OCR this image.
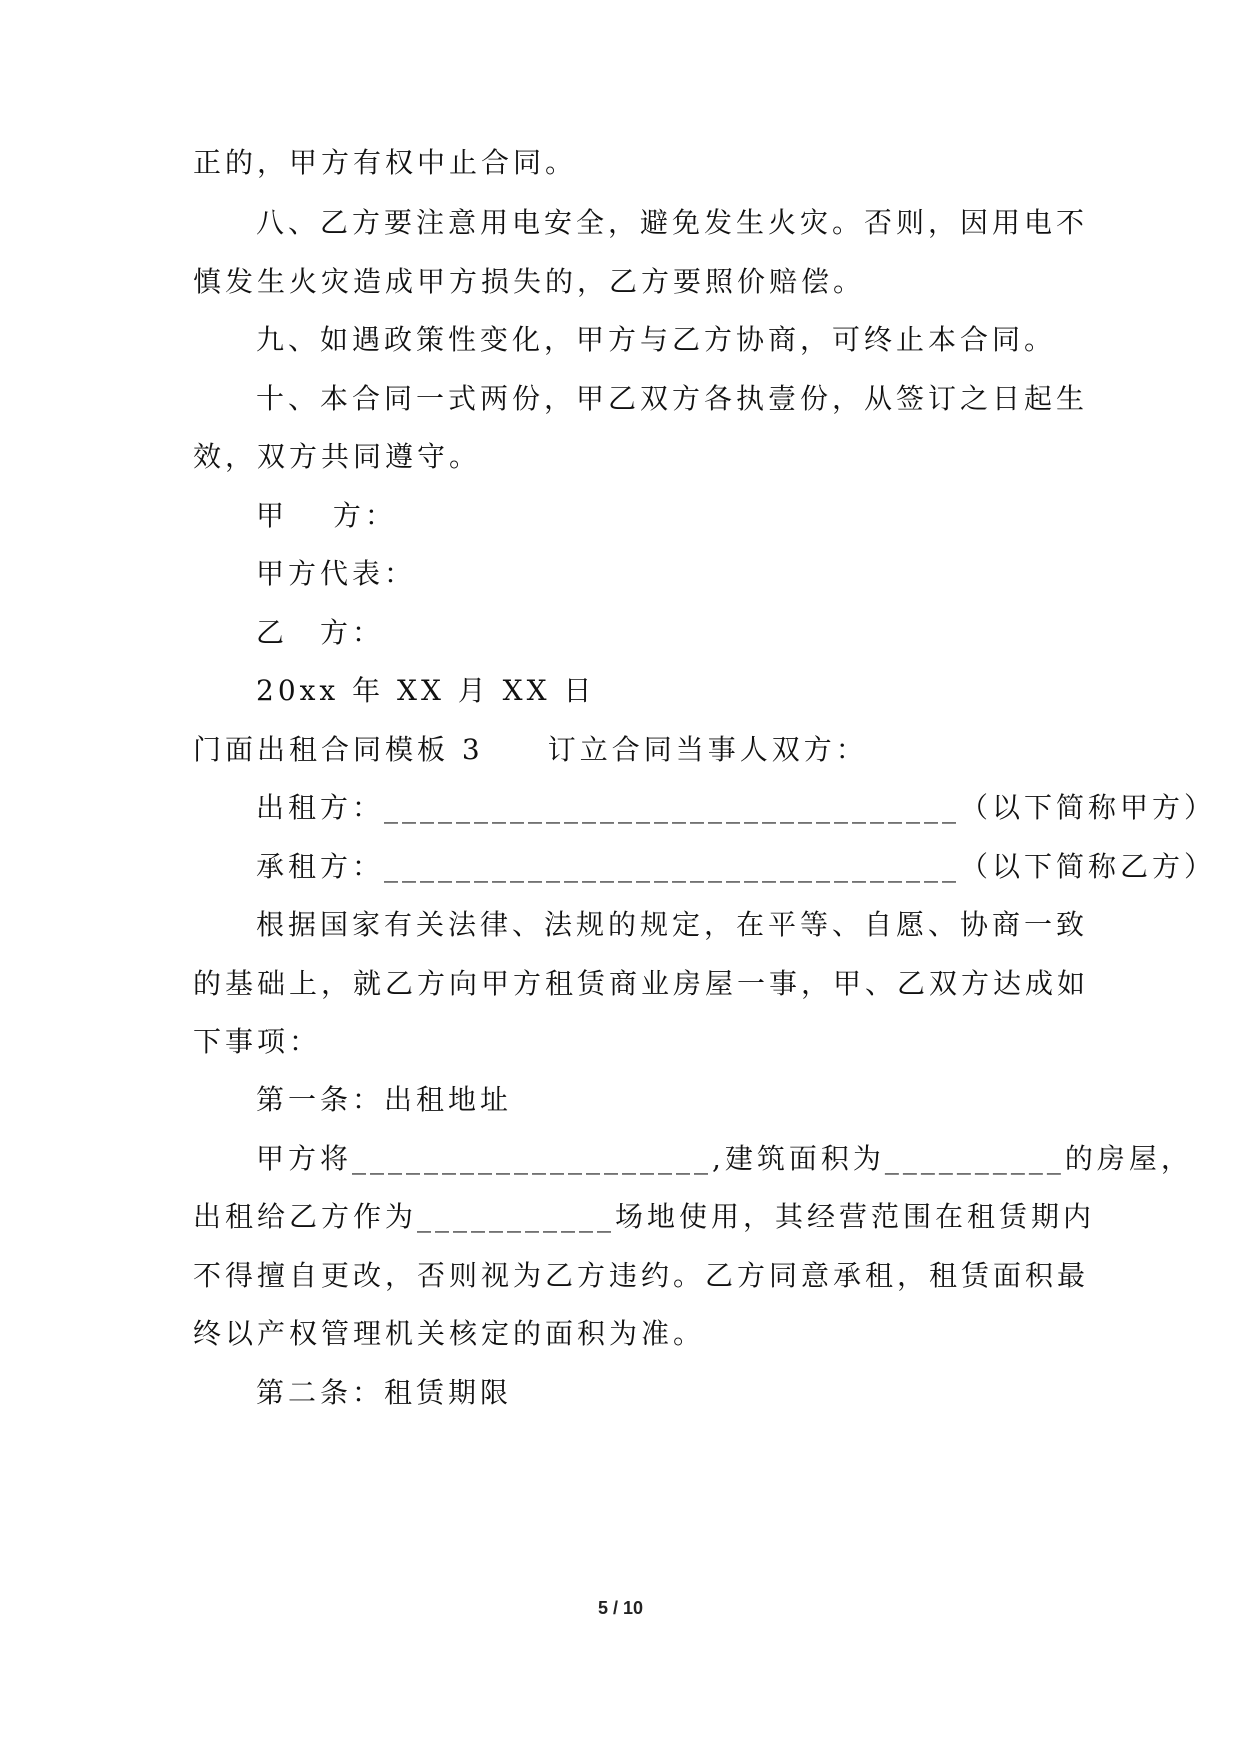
正的，甲方有权中止合同。
八、乙方要注意用电安全，避免发生火灾。否则，因用电不
慎发生火灾造成甲方损失的，乙方要照价赔偿。
九、如遇政策性变化，甲方与乙方协商，可终止本合同。
十、本合同一式两份，甲乙双方各执壹份，从签订之日起生
效，双方共同遵守。
甲　 方：
甲方代表：
乙　方：
20xx 年 XX 月 XX 日
门面出租合同模板 3　　订立合同当事人双方：
出租方：________________________________（以下简称甲方）
承租方：________________________________（以下简称乙方）
根据国家有关法律、法规的规定，在平等、自愿、协商一致
的基础上，就乙方向甲方租赁商业房屋一事，甲、乙双方达成如
下事项：
第一条：出租地址
甲方将____________________,建筑面积为__________的房屋，
出租给乙方作为___________场地使用，其经营范围在租赁期内
不得擅自更改，否则视为乙方违约。乙方同意承租，租赁面积最
终以产权管理机关核定的面积为准。
第二条：租赁期限
5 / 10
